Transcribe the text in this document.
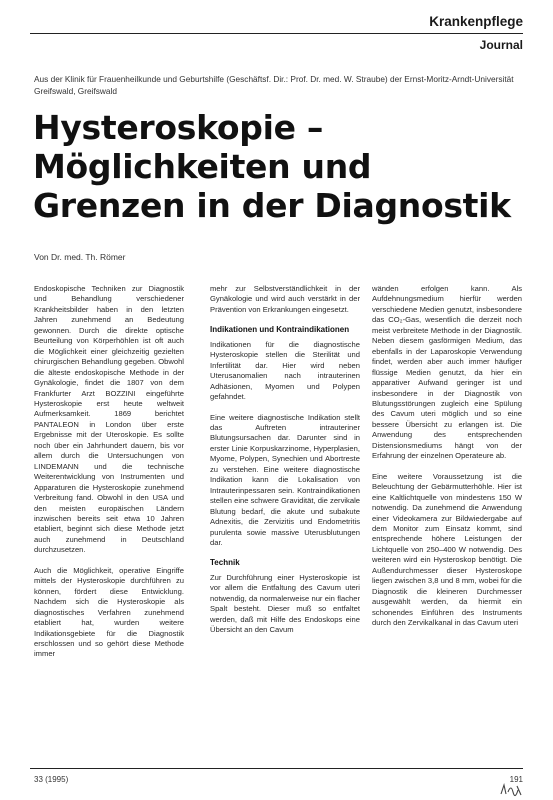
Krankenpflege
Journal
Aus der Klinik für Frauenheilkunde und Geburtshilfe (Geschäftsf. Dir.: Prof. Dr. med. W. Straube) der Ernst-Moritz-Arndt-Universität Greifswald, Greifswald
Hysteroskopie –
Möglichkeiten und
Grenzen in der Diagnostik
Von Dr. med. Th. Römer

Endoskopische Techniken zur Diagnostik und Behandlung verschiedener Krankheitsbilder haben in den letzten Jahren zunehmend an Bedeutung gewonnen. Durch die direkte optische Beurteilung von Körperhöhlen ist oft auch die Möglichkeit einer gleichzeitig gezielten chirurgischen Behandlung gegeben. Obwohl die älteste endoskopische Methode in der Gynäkologie, findet die 1807 von dem Frankfurter Arzt BOZZINI eingeführte Hysteroskopie erst heute weltweit Aufmerksamkeit. 1869 berichtet PANTALEON in London über erste Ergebnisse mit der Uteroskopie. Es sollte noch über ein Jahrhundert dauern, bis vor allem durch die Untersuchungen von LINDEMANN und die technische Weiterentwicklung von Instrumenten und Apparaturen die Hysteroskopie zunehmend Verbreitung fand. Obwohl in den USA und den meisten europäischen Ländern inzwischen bereits seit etwa 10 Jahren etabliert, beginnt sich diese Methode jetzt auch zunehmend in Deutschland durchzusetzen.

Auch die Möglichkeit, operative Eingriffe mittels der Hysteroskopie durchführen zu können, fördert diese Entwicklung. Nachdem sich die Hysteroskopie als diagnostisches Verfahren zunehmend etabliert hat, wurden weitere Indikationsgebiete für die Diagnostik erschlossen und so gehört diese Methode immer

mehr zur Selbstverständlichkeit in der Gynäkologie und wird auch verstärkt in der Prävention von Erkrankungen eingesetzt.

Indikationen und Kontraindikationen

Indikationen für die diagnostische Hysteroskopie stellen die Sterilität und Infertilität dar. Hier wird neben Uterusanomalien nach intrauterinen Adhäsionen, Myomen und Polypen gefahndet.

Eine weitere diagnostische Indikation stellt das Auftreten intrauteriner Blutungsursachen dar. Darunter sind in erster Linie Korpuskarzinome, Hyperplasien, Myome, Polypen, Synechien und Abortreste zu verstehen. Eine weitere diagnostische Indikation kann die Lokalisation von Intrauterinpessaren sein. Kontraindikationen stellen eine schwere Gravidität, die zervikale Blutung bedarf, die akute und subakute Adnexitis, die Zervizitis und Endometritis purulenta sowie massive Uterusblutungen dar.

Technik

Zur Durchführung einer Hysteroskopie ist vor allem die Entfaltung des Cavum uteri notwendig, da normalerweise nur ein flacher Spalt besteht. Dieser muß so entfaltet werden, daß mit Hilfe des Endoskops eine Übersicht an den Cavum

wänden erfolgen kann. Als Aufdehnungsmedium hierfür werden verschiedene Medien genutzt, insbesondere das CO₂-Gas, wesentlich die derzeit noch meist verbreitete Methode in der Diagnostik. Neben diesem gasförmigen Medium, das ebenfalls in der Laparoskopie Verwendung findet, werden aber auch immer häufiger flüssige Medien genutzt, da hier ein apparativer Aufwand geringer ist und insbesondere in der Diagnostik von Blutungsstörungen zugleich eine Spülung des Cavum uteri möglich und so eine bessere Übersicht zu erlangen ist. Die Anwendung des entsprechenden Distensionsmediums hängt von der Erfahrung der einzelnen Operateure ab.

Eine weitere Voraussetzung ist die Beleuchtung der Gebärmutterhöhle. Hier ist eine Kaltlichtquelle von mindestens 150 W notwendig. Da zunehmend die Anwendung einer Videokamera zur Bildwiedergabe auf dem Monitor zum Einsatz kommt, sind entsprechende höhere Leistungen der Lichtquelle von 250–400 W notwendig. Des weiteren wird ein Hysteroskop benötigt. Die Außendurchmesser dieser Hysteroskope liegen zwischen 3,8 und 8 mm, wobei für die Diagnostik die kleineren Durchmesser ausgewählt werden, da hiermit ein schonendes Einführen des Instruments durch den Zervikalkanal in das Cavum uteri

33 (1995)	191
